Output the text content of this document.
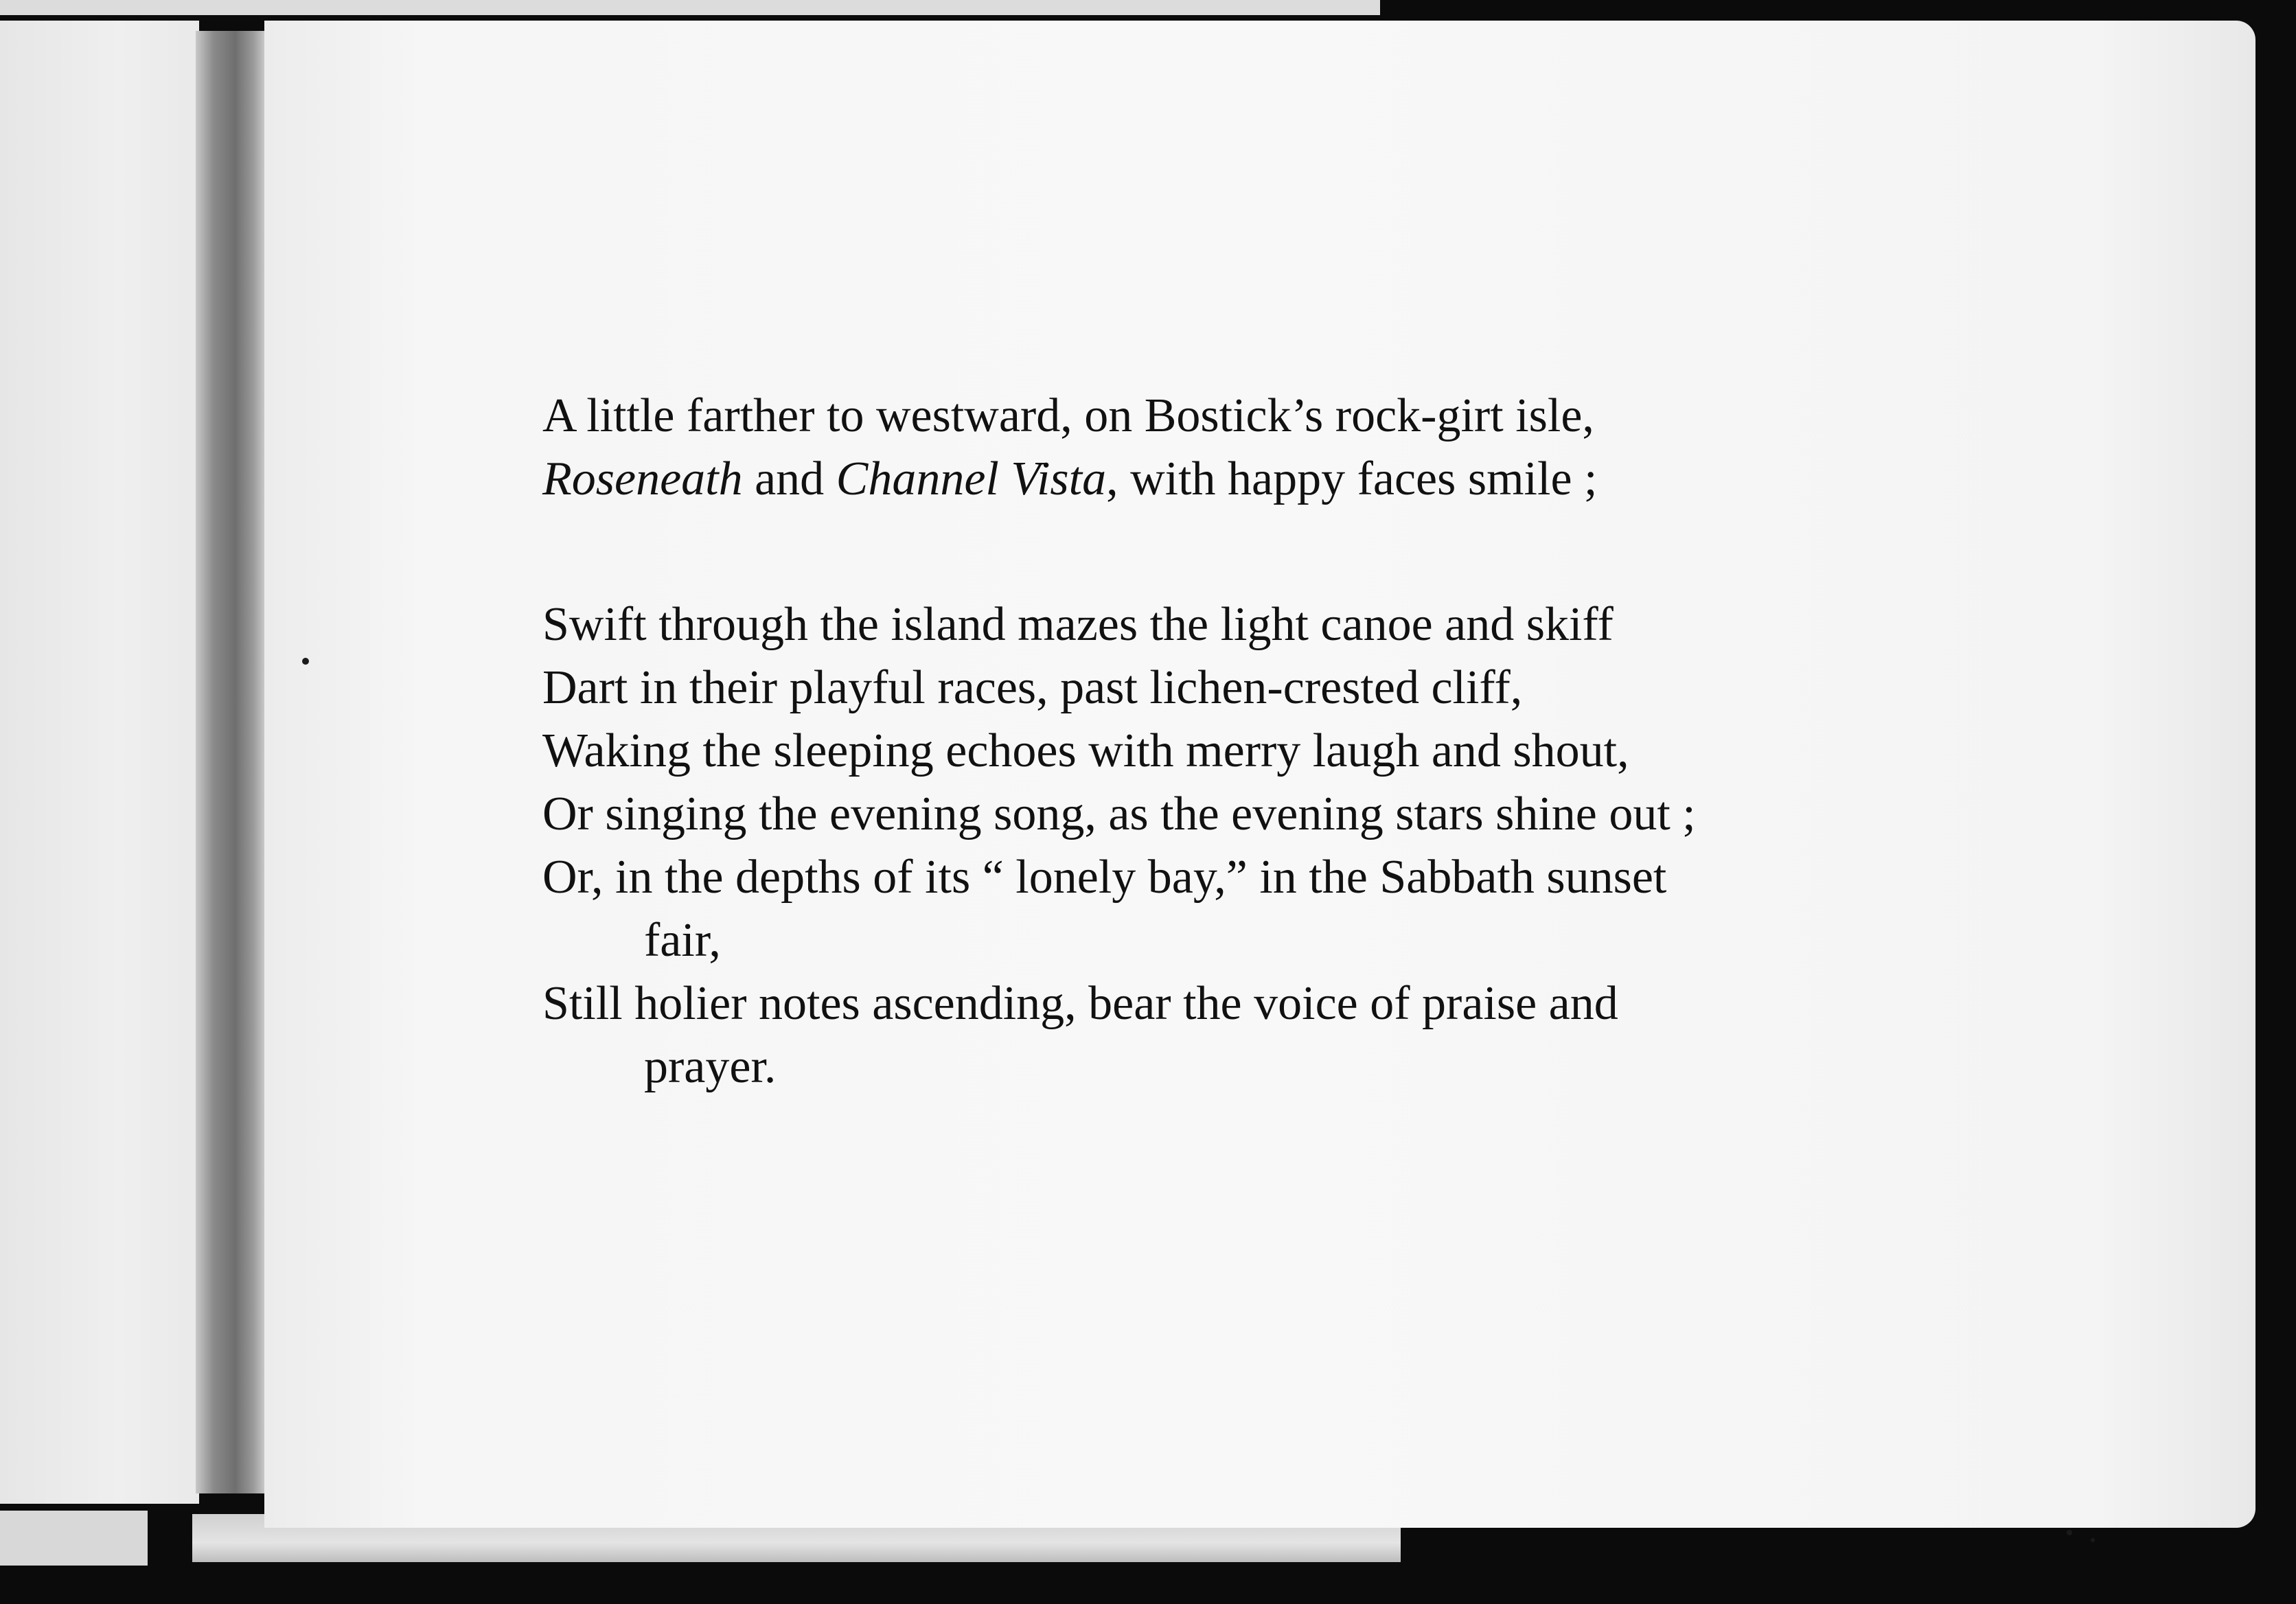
A little farther to westward, on Bostick’s rock-girt isle,
Roseneath and Channel Vista, with happy faces smile ;
Swift through the island mazes the light canoe and skiff
Dart in their playful races, past lichen-crested cliff,
Waking the sleeping echoes with merry laugh and shout,
Or singing the evening song, as the evening stars shine out ;
Or, in the depths of its “ lonely bay,” in the Sabbath sunset
fair,
Still holier notes ascending, bear the voice of praise and
prayer.
